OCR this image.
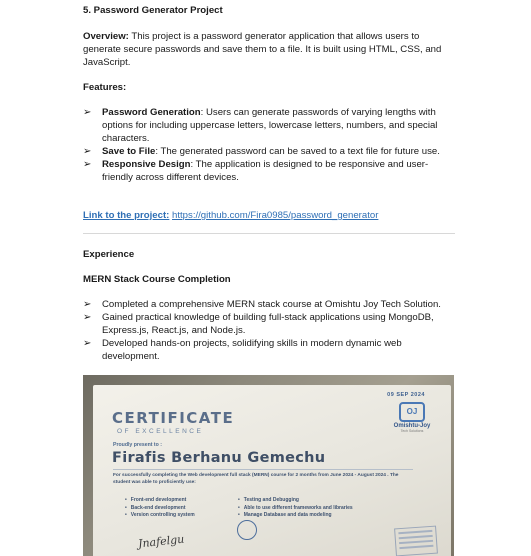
5. Password Generator Project
Overview: This project is a password generator application that allows users to generate secure passwords and save them to a file. It is built using HTML, CSS, and JavaScript.
Features:
➢ Password Generation: Users can generate passwords of varying lengths with options for including uppercase letters, lowercase letters, numbers, and special characters.
➢ Save to File: The generated password can be saved to a text file for future use.
➢ Responsive Design: The application is designed to be responsive and user-friendly across different devices.
Link to the project: https://github.com/Fira0985/password_generator
Experience
MERN Stack Course Completion
➢ Completed a comprehensive MERN stack course at Omishtu Joy Tech Solution.
➢ Gained practical knowledge of building full-stack applications using MongoDB, Express.js, React.js, and Node.js.
➢ Developed hands-on projects, solidifying skills in modern dynamic web development.
09 SEP 2024
OJ
Omishtu-Joy
Tech Solutions
CERTIFICATE
OF EXCELLENCE
Proudly present to :
Firafis Berhanu Gemechu
For successfully completing the Web development full stack (MERN) course for 2 months from June 2024 - August 2024 . The student was able to proficiently use:
• Front-end development
• Back-end development
• Version controlling system
• Testing and Debugging
• Able to use different frameworks and libraries
• Manage Database and data modeling
Jnafelgu
